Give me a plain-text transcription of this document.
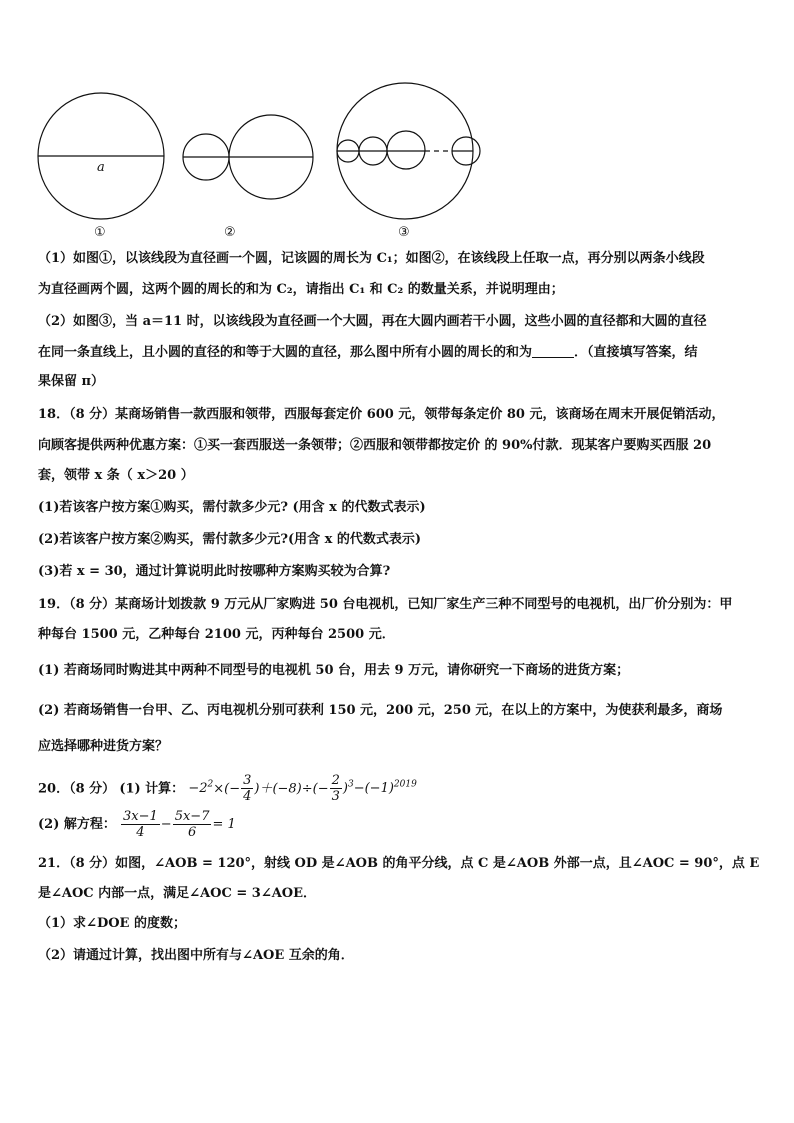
a
①	②	③
（1）如图①，以该线段为直径画一个圆，记该圆的周长为 C₁；如图②，在该线段上任取一点，再分别以两条小线段
为直径画两个圆，这两个圆的周长的和为 C₂，请指出 C₁ 和 C₂ 的数量关系，并说明理由；
（2）如图③，当 a＝11 时，以该线段为直径画一个大圆，再在大圆内画若干小圆，这些小圆的直径都和大圆的直径
在同一条直线上，且小圆的直径的和等于大圆的直径，那么图中所有小圆的周长的和为	．（直接填写答案，结
果保留 π）
18．（8 分）某商场销售一款西服和领带，西服每套定价 600 元，领带每条定价 80 元，该商场在周末开展促销活动，
向顾客提供两种优惠方案：①买一套西服送一条领带；②西服和领带都按定价 的 90%付款．现某客户要购买西服 20
套，领带 x 条（ x＞20 ）
(1)若该客户按方案①购买，需付款多少元? (用含 x 的代数式表示)
(2)若该客户按方案②购买，需付款多少元?(用含 x 的代数式表示)
(3)若 x = 30，通过计算说明此时按哪种方案购买较为合算?
19．（8 分）某商场计划拨款 9 万元从厂家购进 50 台电视机，已知厂家生产三种不同型号的电视机，出厂价分别为：甲
种每台 1500 元，乙种每台 2100 元，丙种每台 2500 元．
(1) 若商场同时购进其中两种不同型号的电视机 50 台，用去 9 万元，请你研究一下商场的进货方案；
(2) 若商场销售一台甲、乙、丙电视机分别可获利 150 元，200 元，250 元，在以上的方案中，为使获利最多，商场
应选择哪种进货方案？
20．（8 分） (1) 计算： $-2^2\times(- \frac{3}{4} )+(-8)\div(- \frac{2}{3} )^3-(-1)^{2019}$
(2) 解方程： $\frac{3x-1}{4} - \frac{5x-7}{6} = 1$
21．（8 分）如图，∠AOB = 120°，射线 OD 是∠AOB 的角平分线，点 C 是∠AOB 外部一点，且∠AOC = 90°，点 E
是∠AOC 内部一点，满足∠AOC = 3∠AOE．
（1）求∠DOE 的度数；
（2）请通过计算，找出图中所有与∠AOE 互余的角．
